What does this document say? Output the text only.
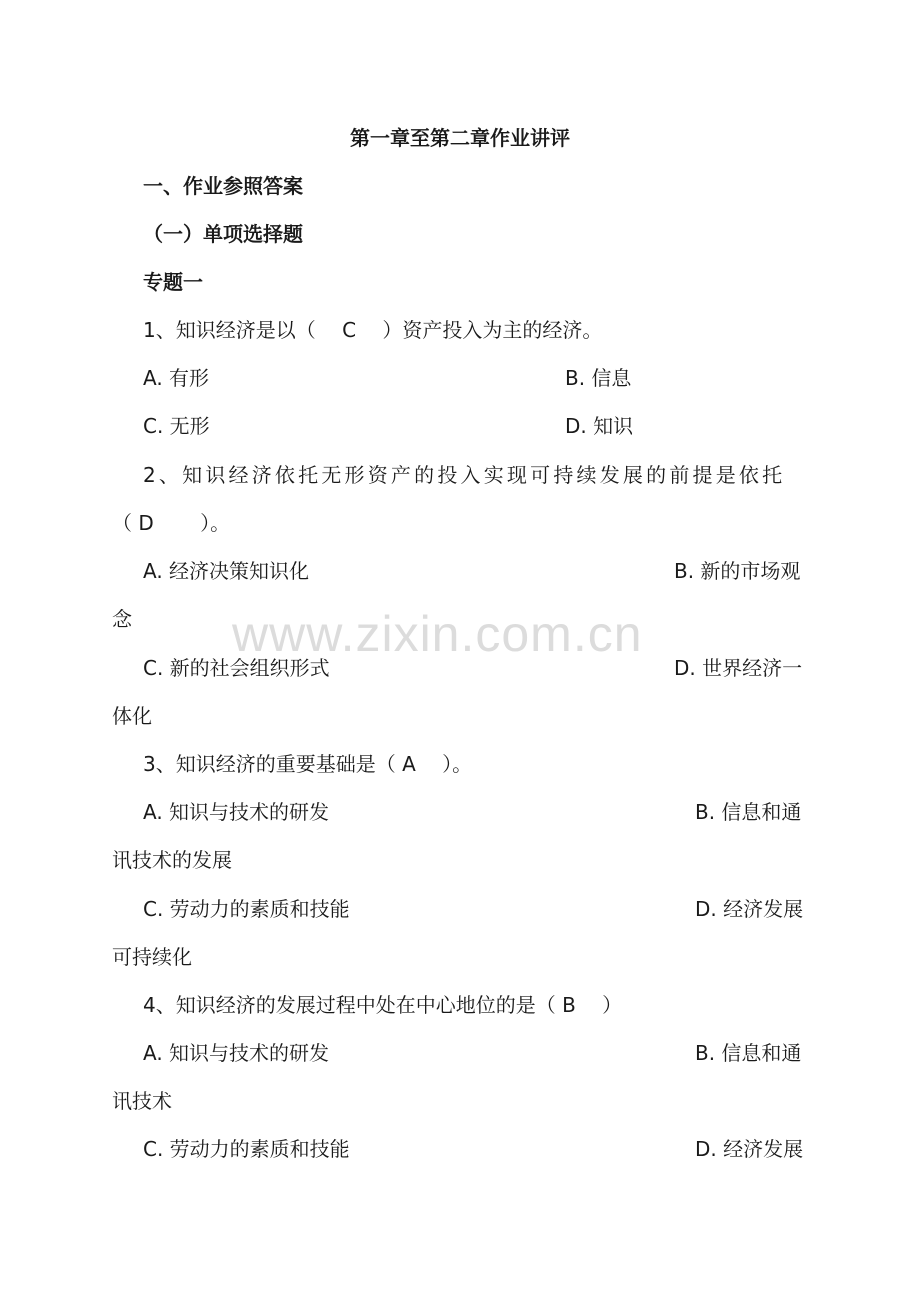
www.zixin.com.cn
第一章至第二章作业讲评
一、作业参照答案
（一）单项选择题
专题一
1、知识经济是以（　 C　 ）资产投入为主的经济。
A. 有形	B. 信息
C. 无形	D. 知识
2、知识经济依托无形资产的投入实现可持续发展的前提是依托
（ D　　 ）。
A. 经济决策知识化	B. 新的市场观
念
C. 新的社会组织形式	D. 世界经济一
体化
3、知识经济的重要基础是（ A　 ）。
A. 知识与技术的研发	B. 信息和通
讯技术的发展
C. 劳动力的素质和技能	D. 经济发展
可持续化
4、知识经济的发展过程中处在中心地位的是（ B　 ）
A. 知识与技术的研发	B. 信息和通
讯技术
C. 劳动力的素质和技能	D. 经济发展
